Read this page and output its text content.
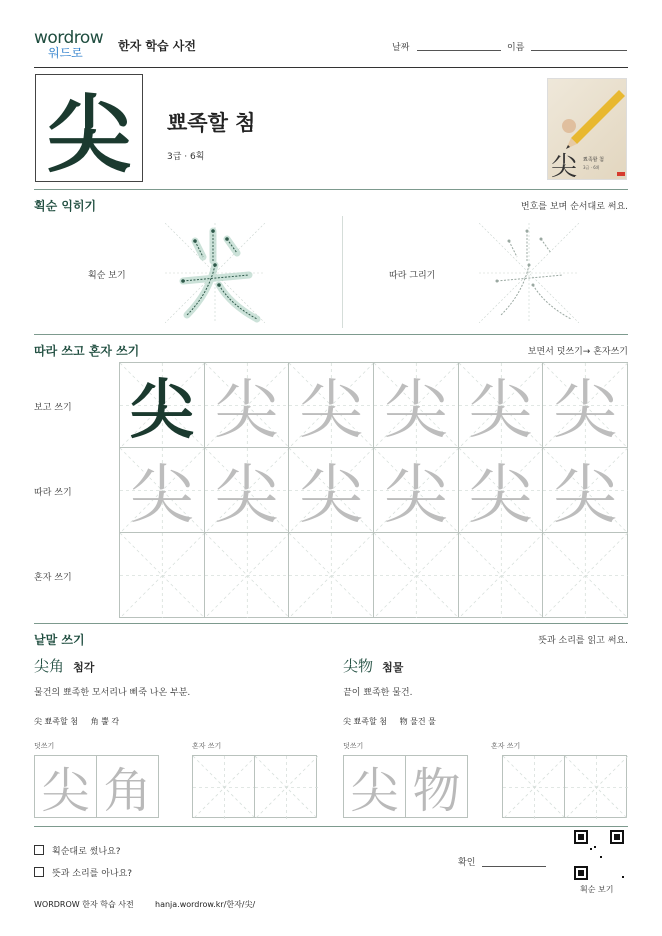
wordrow
워드로	한자 학습 사전	날짜	이름
尖	뾰족할 첨
3급 · 6획	尖 뾰족할 첨
3급 · 6획
획순 익히기	번호를 보며 순서대로 써요.
획순 보기	따라 그리기
따라 쓰고 혼자 쓰기	보면서 덧쓰기→ 혼자쓰기
보고 쓰기
따라 쓰기
혼자 쓰기
尖 尖 尖 尖 尖 尖
尖 尖 尖 尖 尖 尖
낱말 쓰기	뜻과 소리를 읽고 써요.
尖角 첨각
물건의 뾰족한 모서리나 삐죽 나온 부분.
尖 뾰족할 첨 角 뿔 각
덧쓰기	혼자 쓰기
尖 角
尖物 첨물
끝이 뾰족한 물건.
尖 뾰족할 첨 物 물건 물
덧쓰기	혼자 쓰기
尖 物
획순대로 썼나요?
뜻과 소리를 아나요?
확인
획순 보기
WORDROW 한자 학습 사전	hanja.wordrow.kr/한자/尖/
